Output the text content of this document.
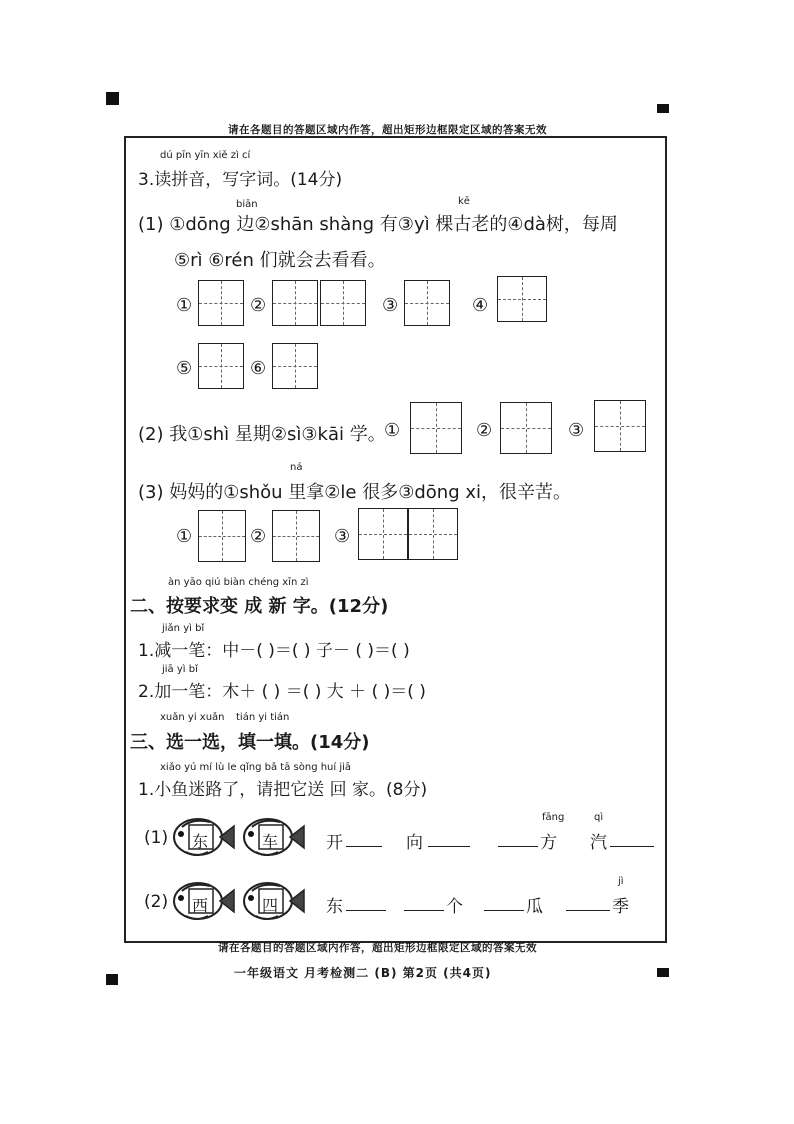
请在各题目的答题区域内作答，超出矩形边框限定区域的答案无效
dú pīn yīn xiě zì cí
3.读拼音，写字词。(14分)
biān	kē
(1) ①dōng 边②shān shàng 有③yì 棵古老的④dà树，每周
⑤rì ⑥rén 们就会去看看。
①	②	③	④
⑤	⑥
(2) 我①shì 星期②sì③kāi 学。
①	②	③
ná
(3) 妈妈的①shǒu 里拿②le 很多③dōng xi，很辛苦。
①	②	③
àn yāo qiú biàn chéng xīn zì
二、按要求变 成 新 字。(12分)
jiǎn yì bǐ
1.减一笔：中－( )＝( ) 子－ ( )＝( )
jiā yì bǐ
2.加一笔：木＋ ( ) ＝( ) 大 ＋ ( )＝( )
xuǎn yi xuǎn tián yi tián
三、选一选，填一填。(14分)
xiǎo yú mí lù le qǐng bǎ tā sòng huí jiā
1.小鱼迷路了，请把它送 回 家。(8分)
(1) 东	车	开	向
fāng
方
qì
汽
(2) 西	四	东	个	瓜
jì
季
请在各题目的答题区域内作答，超出矩形边框限定区域的答案无效
一年级语文 月考检测二 (B) 第2页 (共4页)
